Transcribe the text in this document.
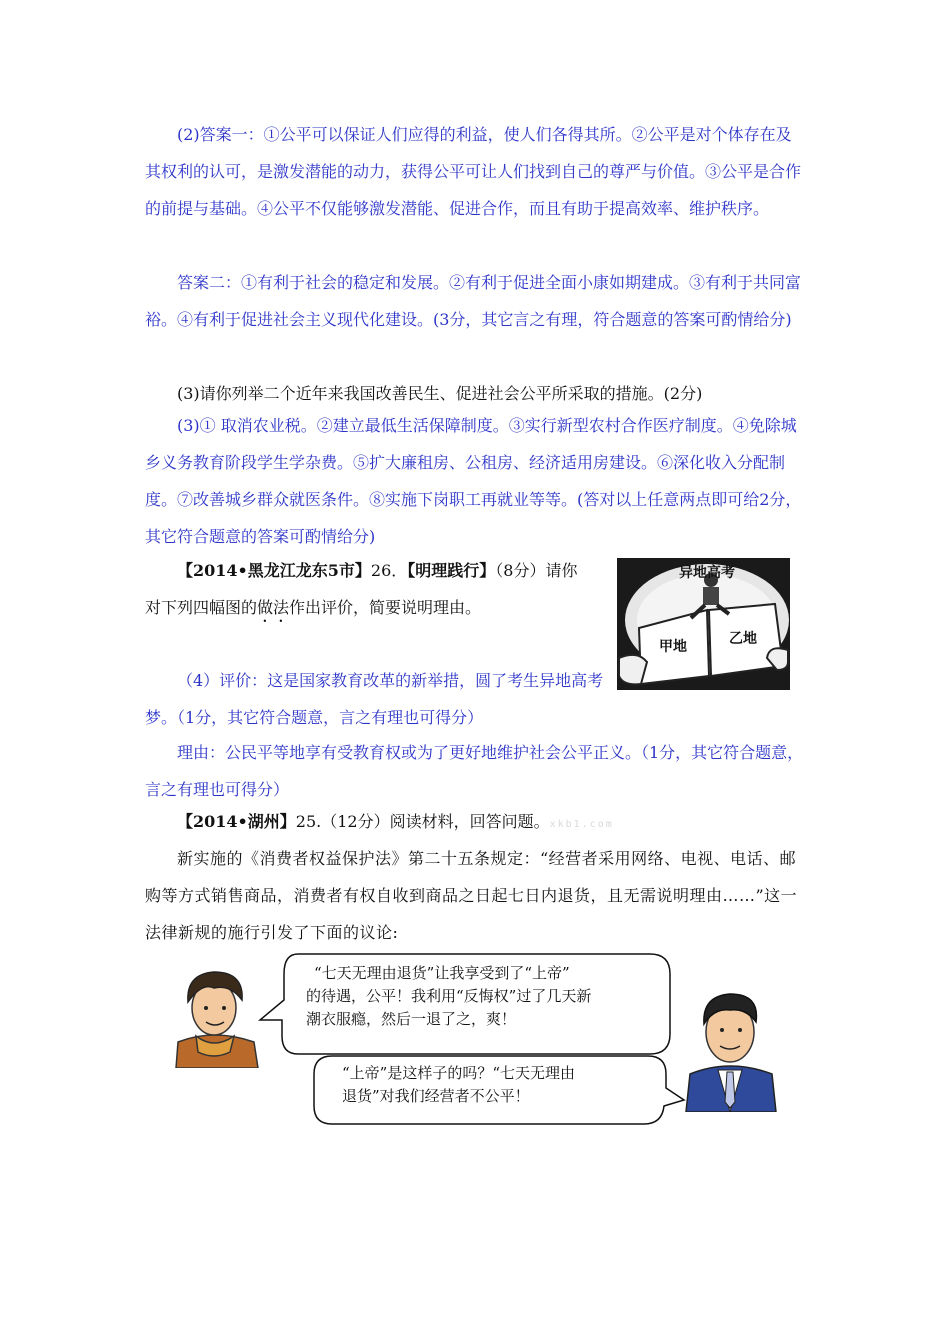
(2)答案一：①公平可以保证人们应得的利益，使人们各得其所。②公平是对个体存在及其权利的认可，是激发潜能的动力，获得公平可让人们找到自己的尊严与价值。③公平是合作的前提与基础。④公平不仅能够激发潜能、促进合作，而且有助于提高效率、维护秩序。

答案二：①有利于社会的稳定和发展。②有利于促进全面小康如期建成。③有利于共同富裕。④有利于促进社会主义现代化建设。(3分，其它言之有理，符合题意的答案可酌情给分)

(3)请你列举二个近年来我国改善民生、促进社会公平所采取的措施。(2分)

(3)① 取消农业税。②建立最低生活保障制度。③实行新型农村合作医疗制度。④免除城乡义务教育阶段学生学杂费。⑤扩大廉租房、公租房、经济适用房建设。⑥深化收入分配制度。⑦改善城乡群众就医条件。⑧实施下岗职工再就业等等。(答对以上任意两点即可给2分，其它符合题意的答案可酌情给分)

【2014•黑龙江龙东5市】26．【明理践行】（8分）请你
对下列四幅图的做法作出评价，简要说明理由。
异地高考
甲地	乙地
（4）评价：这是国家教育改革的新举措，圆了考生异地高考梦。（1分，其它符合题意，言之有理也可得分）

理由：公民平等地享有受教育权或为了更好地维护社会公平正义。（1分，其它符合题意，言之有理也可得分）

【2014•湖州】25.（12分）阅读材料，回答问题。xkb1.com

新实施的《消费者权益保护法》第二十五条规定：“经营者采用网络、电视、电话、邮购等方式销售商品，消费者有权自收到商品之日起七日内退货，且无需说明理由……”这一法律新规的施行引发了下面的议论:

“七天无理由退货”让我享受到了“上帝”
的待遇，公平！我利用“反悔权”过了几天新
潮衣服瘾，然后一退了之，爽！
“上帝”是这样子的吗？“七天无理由
退货”对我们经营者不公平！
